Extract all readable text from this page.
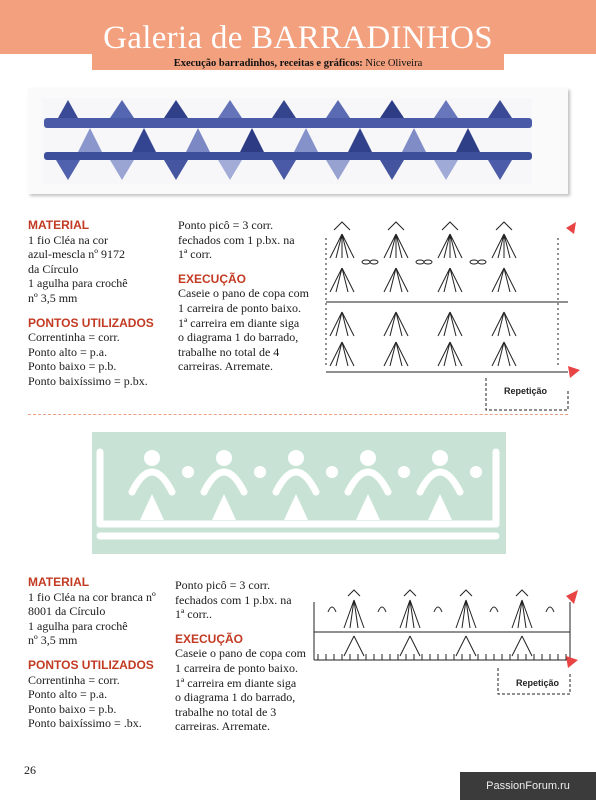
Galeria de BARRADINHOS
Execução barradinhos, receitas e gráficos: Nice Oliveira
MATERIAL
1 fio Cléa na cor
azul-mescla nº 9172
da Círculo
1 agulha para crochê
nº 3,5 mm
PONTOS UTILIZADOS
Correntinha = corr.
Ponto alto = p.a.
Ponto baixo = p.b.
Ponto baixíssimo = p.bx.
Ponto picô = 3 corr.
fechados com 1 p.bx. na
1ª corr.
EXECUÇÃO
Caseie o pano de copa com
1 carreira de ponto baixo.
1ª carreira em diante siga
o diagrama 1 do barrado,
trabalhe no total de 4
carreiras. Arremate.
Repetição
MATERIAL
1 fio Cléa na cor branca nº
8001 da Círculo
1 agulha para crochê
nº 3,5 mm
PONTOS UTILIZADOS
Correntinha = corr.
Ponto alto = p.a.
Ponto baixo = p.b.
Ponto baixíssimo = .bx.
Ponto picô = 3 corr.
fechados com 1 p.bx. na
1ª corr..
EXECUÇÃO
Caseie o pano de copa com
1 carreira de ponto baixo.
1ª carreira em diante siga
o diagrama 1 do barrado,
trabalhe no total de 3
carreiras. Arremate.
Repetição
26
PassionForum.ru
